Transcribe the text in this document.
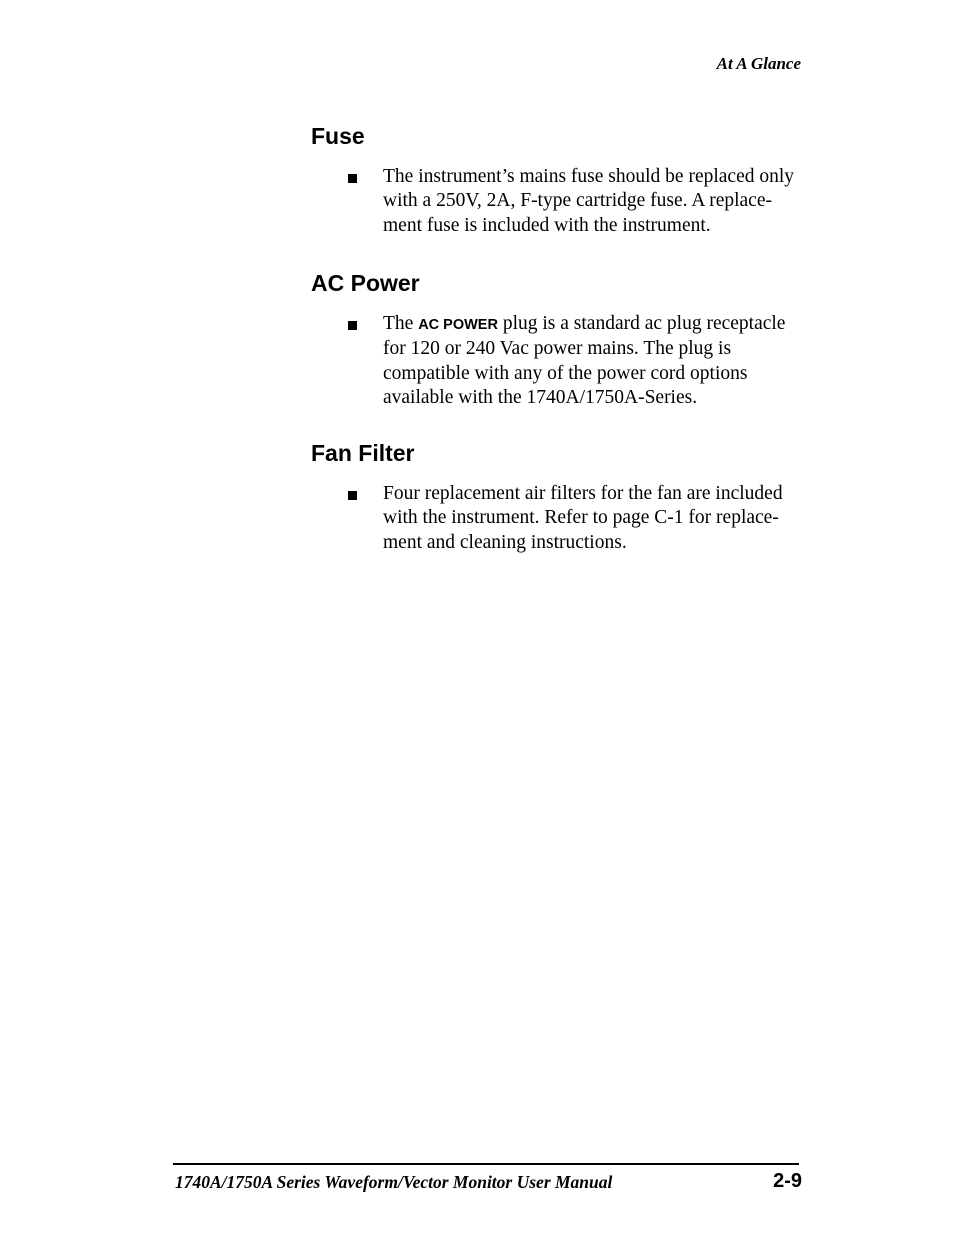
At A Glance
Fuse
The instrument’s mains fuse should be replaced only
with a 250V, 2A, F-type cartridge fuse. A replace-
ment fuse is included with the instrument.
AC Power
The AC POWER plug is a standard ac plug receptacle
for 120 or 240 Vac power mains. The plug is
compatible with any of the power cord options
available with the 1740A/1750A-Series.
Fan Filter
Four replacement air filters for the fan are included
with the instrument. Refer to page C-1 for replace-
ment and cleaning instructions.
1740A/1750A Series Waveform/Vector Monitor User Manual	2-9
